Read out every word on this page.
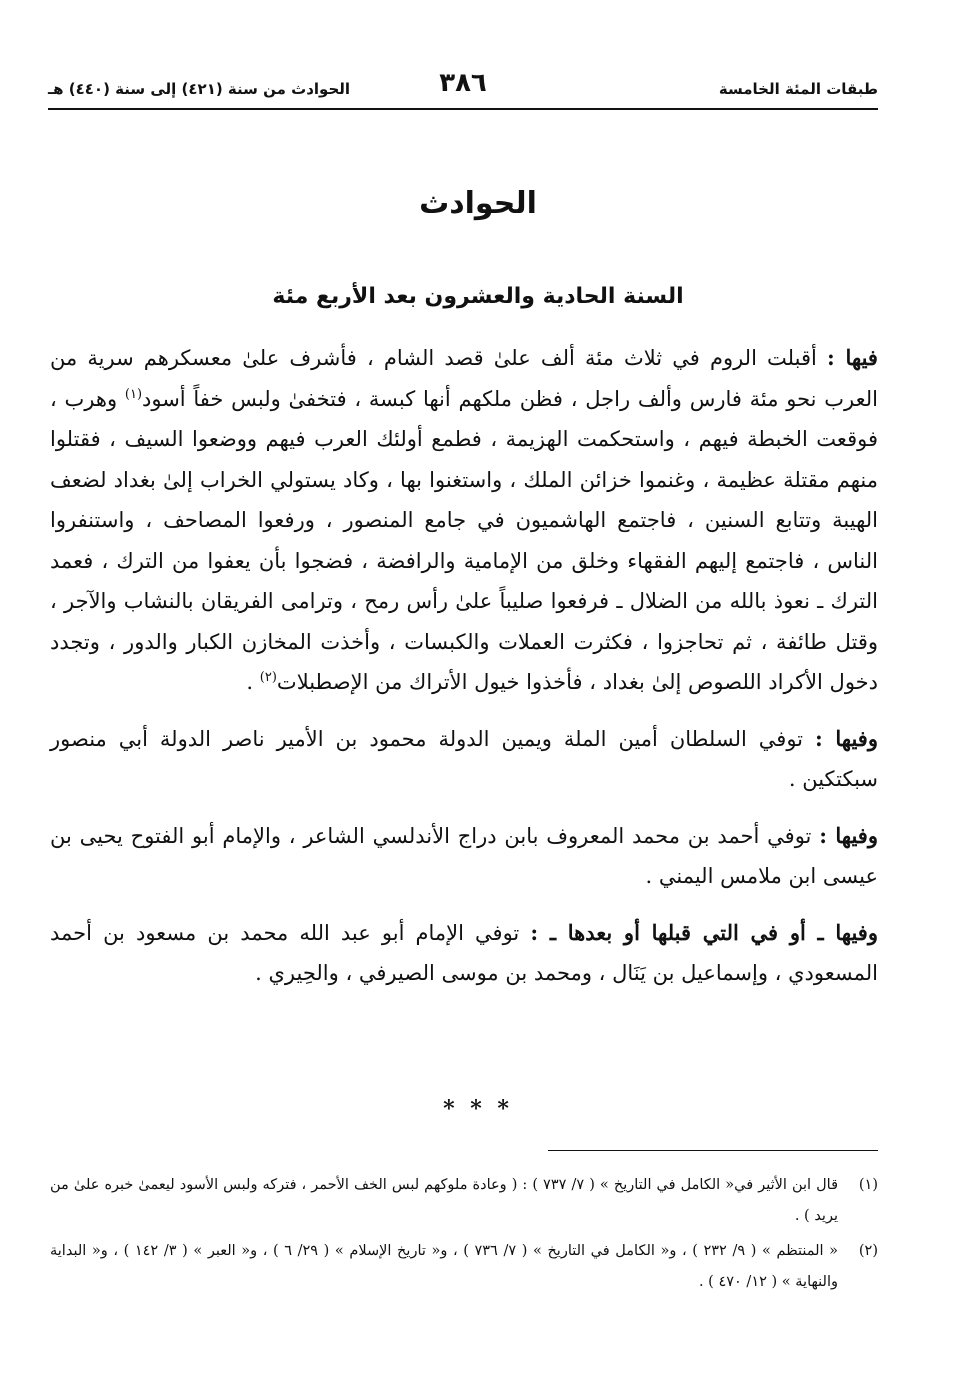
طبقات المئة الخامسة
٣٨٦
الحوادث من سنة (٤٢١) إلى سنة (٤٤٠) هـ
الحوادث
السنة الحادية والعشرون بعد الأربع مئة

فيها : أقبلت الروم في ثلاث مئة ألف علىٰ قصد الشام ، فأشرف علىٰ معسكرهم سرية من العرب نحو مئة فارس وألف راجل ، فظن ملكهم أنها كبسة ، فتخفىٰ ولبس خفاً أسود$^{(١)}$ وهرب ، فوقعت الخبطة فيهم ، واستحكمت الهزيمة ، فطمع أولئك العرب فيهم ووضعوا السيف ، فقتلوا منهم مقتلة عظيمة ، وغنموا خزائن الملك ، واستغنوا بها ، وكاد يستولي الخراب إلىٰ بغداد لضعف الهيبة وتتابع السنين ، فاجتمع الهاشميون في جامع المنصور ، ورفعوا المصاحف ، واستنفروا الناس ، فاجتمع إليهم الفقهاء وخلق من الإمامية والرافضة ، فضجوا بأن يعفوا من الترك ، فعمد الترك ـ نعوذ بالله من الضلال ـ فرفعوا صليباً علىٰ رأس رمح ، وترامى الفريقان بالنشاب والآجر ، وقتل طائفة ، ثم تحاجزوا ، فكثرت العملات والكبسات ، وأخذت المخازن الكبار والدور ، وتجدد دخول الأكراد اللصوص إلىٰ بغداد ، فأخذوا خيول الأتراك من الإصطبلات$^{(٢)}$ .

وفيها : توفي السلطان أمين الملة ويمين الدولة محمود بن الأمير ناصر الدولة أبي منصور سبكتكين .

وفيها : توفي أحمد بن محمد المعروف بابن دراج الأندلسي الشاعر ، والإمام أبو الفتوح يحيى بن عيسى ابن ملامس اليمني .

وفيها ـ أو في التي قبلها أو بعدها ـ : توفي الإمام أبو عبد الله محمد بن مسعود بن أحمد المسعودي ، وإسماعيل بن يَنَال ، ومحمد بن موسى الصيرفي ، والحِيري .

* * *
(١)
قال ابن الأثير في« الكامل في التاريخ » ( ٧/ ٧٣٧ ) : ( وعادة ملوكهم لبس الخف الأحمر ، فتركه ولبس الأسود ليعمىٰ خبره علىٰ من يريد ) .
(٢)
« المنتظم » ( ٩/ ٢٣٢ ) ، و« الكامل في التاريخ » ( ٧/ ٧٣٦ ) ، و« تاريخ الإسلام » ( ٢٩/ ٦ ) ، و« العبر » ( ٣/ ١٤٢ ) ، و« البداية والنهاية » ( ١٢/ ٤٧٠ ) .
